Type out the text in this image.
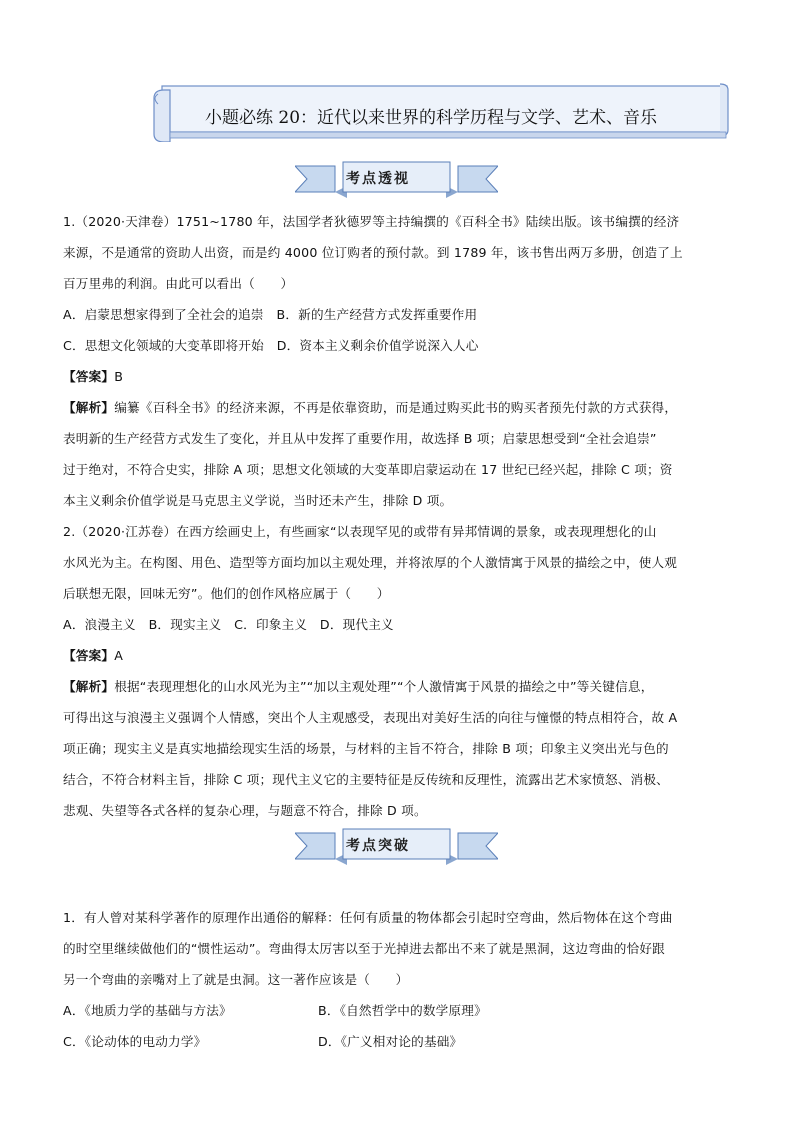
小题必练 20：近代以来世界的科学历程与文学、艺术、音乐
考点透视
1.（2020·天津卷）1751~1780 年，法国学者狄德罗等主持编撰的《百科全书》陆续出版。该书编撰的经济
来源，不是通常的资助人出资，而是约 4000 位订购者的预付款。到 1789 年，该书售出两万多册，创造了上
百万里弗的利润。由此可以看出（　　）
A．启蒙思想家得到了全社会的追崇　B．新的生产经营方式发挥重要作用
C．思想文化领域的大变革即将开始　D．资本主义剩余价值学说深入人心
【答案】B
【解析】编纂《百科全书》的经济来源，不再是依靠资助，而是通过购买此书的购买者预先付款的方式获得，
表明新的生产经营方式发生了变化，并且从中发挥了重要作用，故选择 B 项；启蒙思想受到“全社会追崇”
过于绝对，不符合史实，排除 A 项；思想文化领域的大变革即启蒙运动在 17 世纪已经兴起，排除 C 项；资
本主义剩余价值学说是马克思主义学说，当时还未产生，排除 D 项。
2.（2020·江苏卷）在西方绘画史上，有些画家“以表现罕见的或带有异邦情调的景象，或表现理想化的山
水风光为主。在构图、用色、造型等方面均加以主观处理，并将浓厚的个人激情寓于风景的描绘之中，使人观
后联想无限，回味无穷”。他们的创作风格应属于（　　）
A．浪漫主义　B．现实主义　C．印象主义　D．现代主义
【答案】A
【解析】根据“表现理想化的山水风光为主”“加以主观处理”“个人激情寓于风景的描绘之中”等关键信息，
可得出这与浪漫主义强调个人情感，突出个人主观感受，表现出对美好生活的向往与憧憬的特点相符合，故 A
项正确；现实主义是真实地描绘现实生活的场景，与材料的主旨不符合，排除 B 项；印象主义突出光与色的
结合，不符合材料主旨，排除 C 项；现代主义它的主要特征是反传统和反理性，流露出艺术家愤怒、消极、
悲观、失望等各式各样的复杂心理，与题意不符合，排除 D 项。
考点突破
1．有人曾对某科学著作的原理作出通俗的解释：任何有质量的物体都会引起时空弯曲，然后物体在这个弯曲
的时空里继续做他们的“惯性运动”。弯曲得太厉害以至于光掉进去都出不来了就是黑洞，这边弯曲的恰好跟
另一个弯曲的亲嘴对上了就是虫洞。这一著作应该是（　　）
A．《地质力学的基础与方法》	B．《自然哲学中的数学原理》
C．《论动体的电动力学》	D．《广义相对论的基础》
